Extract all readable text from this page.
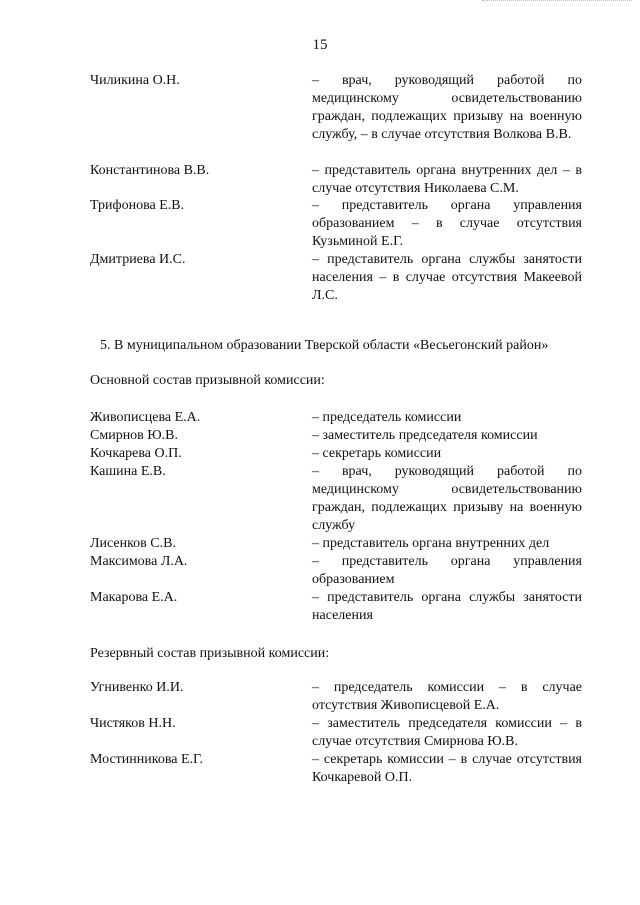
15
Чиликина О.Н.	– врач, руководящий работой по медицинскому освидетельствованию граждан, подлежащих призыву на военную службу, – в случае отсутствия Волкова В.В.
Константинова В.В.	– представитель органа внутренних дел – в случае отсутствия Николаева С.М.
Трифонова Е.В.	– представитель органа управления образованием – в случае отсутствия Кузьминой Е.Г.
Дмитриева И.С.	– представитель органа службы занятости населения – в случае отсутствия Макеевой Л.С.
5. В муниципальном образовании Тверской области «Весьегонский район»
Основной состав призывной комиссии:
Живописцева Е.А.	– председатель комиссии
Смирнов Ю.В.	– заместитель председателя комиссии
Кочкарева О.П.	– секретарь комиссии
Кашина Е.В.	– врач, руководящий работой по медицинскому освидетельствованию граждан, подлежащих призыву на военную службу
Лисенков С.В.	– представитель органа внутренних дел
Максимова Л.А.	– представитель органа управления образованием
Макарова Е.А.	– представитель органа службы занятости населения
Резервный состав призывной комиссии:
Угнивенко И.И.	– председатель комиссии – в случае отсутствия Живописцевой Е.А.
Чистяков Н.Н.	– заместитель председателя комиссии – в случае отсутствия Смирнова Ю.В.
Мостинникова Е.Г.	– секретарь комиссии – в случае отсутствия Кочкаревой О.П.
